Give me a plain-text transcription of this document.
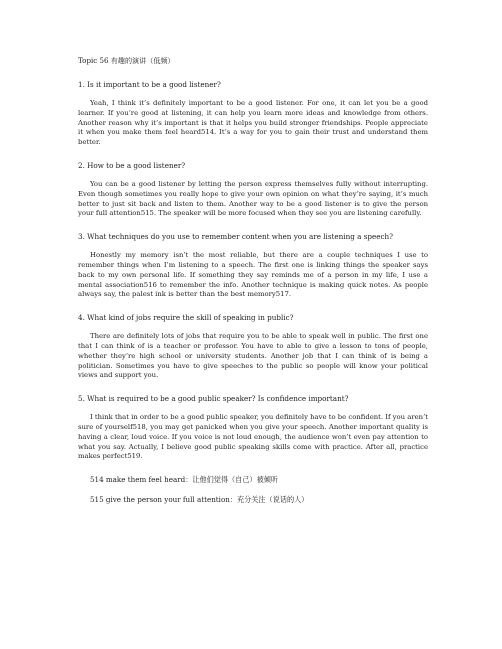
Topic 56 有趣的演讲（低频）
1. Is it important to be a good listener?
Yeah, I think it’s definitely important to be a good listener. For one, it can let you be a good learner. If you’re good at listening, it can help you learn more ideas and knowledge from others. Another reason why it’s important is that it helps you build stronger friendships. People appreciate it when you make them feel heard514. It’s a way for you to gain their trust and understand them better.
2. How to be a good listener?
You can be a good listener by letting the person express themselves fully without interrupting. Even though sometimes you really hope to give your own opinion on what they’re saying, it’s much better to just sit back and listen to them. Another way to be a good listener is to give the person your full attention515. The speaker will be more focused when they see you are listening carefully.
3. What techniques do you use to remember content when you are listening a speech?
Honestly my memory isn’t the most reliable, but there are a couple techniques I use to remember things when I’m listening to a speech. The first one is linking things the speaker says back to my own personal life. If something they say reminds me of a person in my life, I use a mental association516 to remember the info. Another technique is making quick notes. As people always say, the palest ink is better than the best memory517.
4. What kind of jobs require the skill of speaking in public?
There are definitely lots of jobs that require you to be able to speak well in public. The first one that I can think of is a teacher or professor. You have to able to give a lesson to tons of people, whether they’re high school or university students. Another job that I can think of is being a politician. Sometimes you have to give speeches to the public so people will know your political views and support you.
5. What is required to be a good public speaker? Is confidence important?
I think that in order to be a good public speaker, you definitely have to be confident. If you aren’t sure of yourself518, you may get panicked when you give your speech. Another important quality is having a clear, loud voice. If you voice is not loud enough, the audience won’t even pay attention to what you say. Actually, I believe good public speaking skills come with practice. After all, practice makes perfect519.
514 make them feel heard：让他们觉得（自己）被倾听
515 give the person your full attention：充分关注（说话的人）
